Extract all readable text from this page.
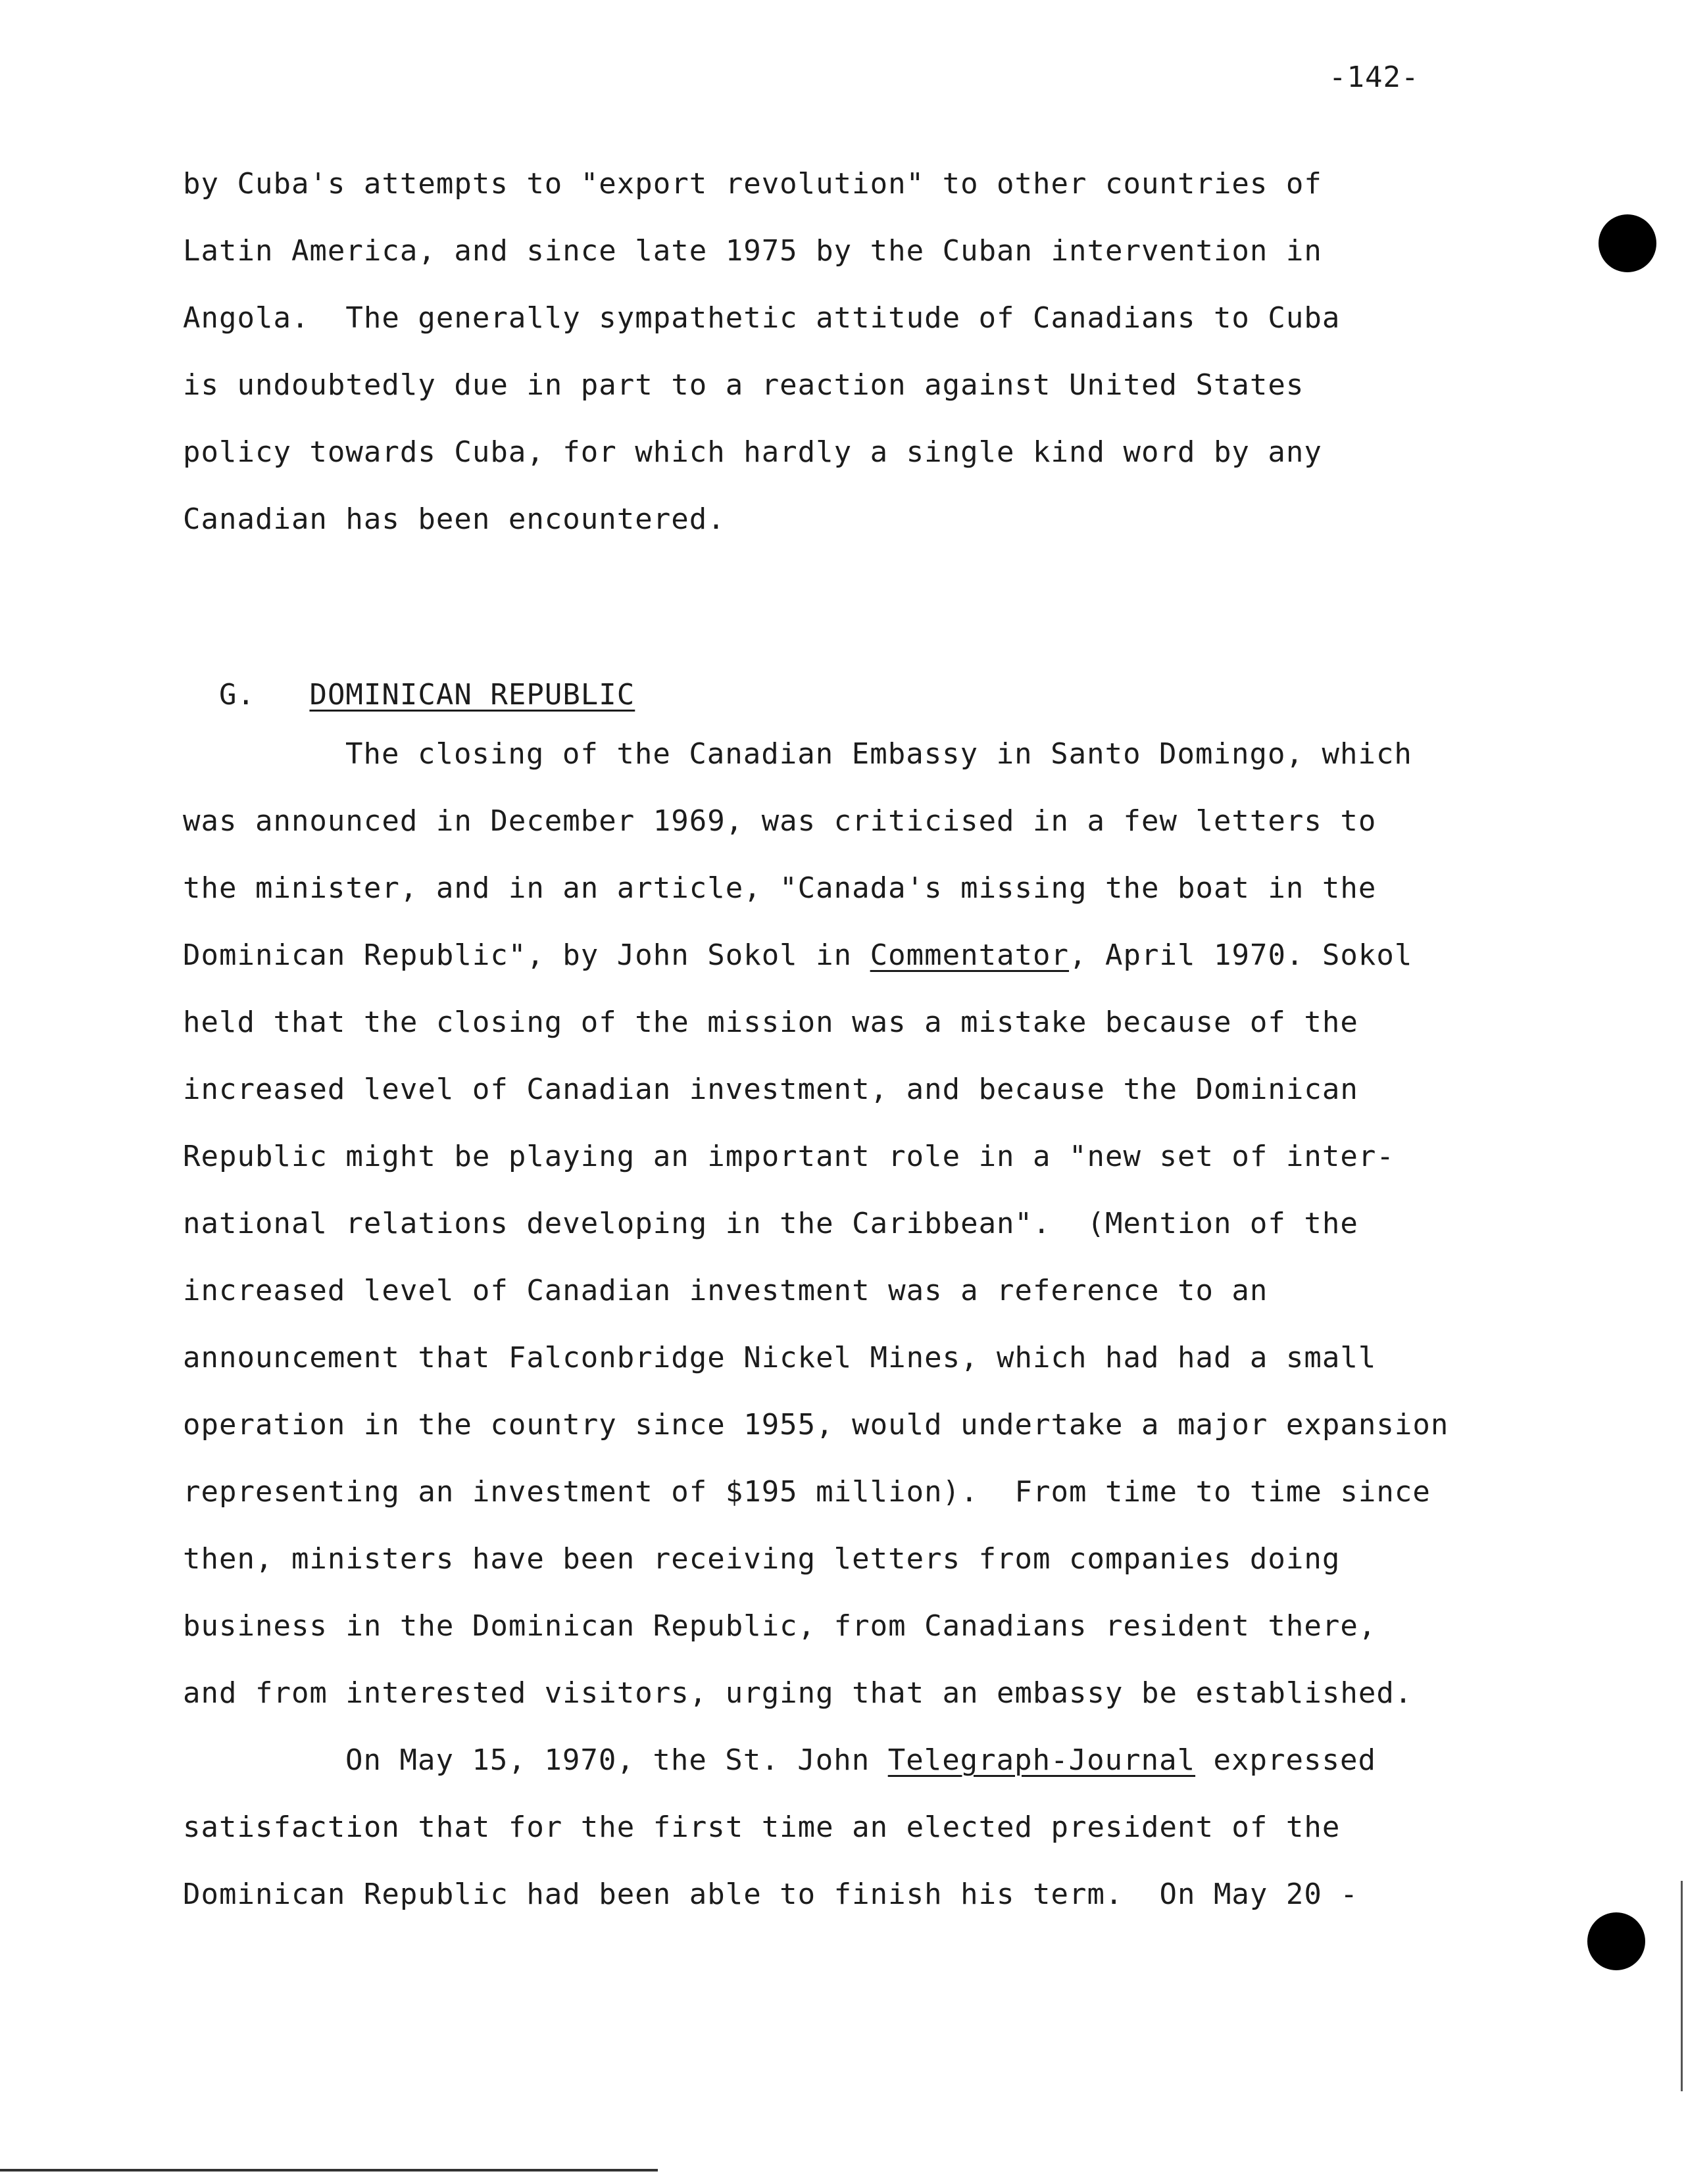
-142-
by Cuba's attempts to "export revolution" to other countries of
Latin America, and since late 1975 by the Cuban intervention in
Angola.  The generally sympathetic attitude of Canadians to Cuba
is undoubtedly due in part to a reaction against United States
policy towards Cuba, for which hardly a single kind word by any
Canadian has been encountered.

G. DOMINICAN REPUBLIC

The closing of the Canadian Embassy in Santo Domingo, which
was announced in December 1969, was criticised in a few letters to
the minister, and in an article, "Canada's missing the boat in the
Dominican Republic", by John Sokol in Commentator, April 1970. Sokol
held that the closing of the mission was a mistake because of the
increased level of Canadian investment, and because the Dominican
Republic might be playing an important role in a "new set of inter-
national relations developing in the Caribbean".  (Mention of the
increased level of Canadian investment was a reference to an
announcement that Falconbridge Nickel Mines, which had had a small
operation in the country since 1955, would undertake a major expansion
representing an investment of $195 million).  From time to time since
then, ministers have been receiving letters from companies doing
business in the Dominican Republic, from Canadians resident there,
and from interested visitors, urging that an embassy be established.
On May 15, 1970, the St. John Telegraph-Journal expressed
satisfaction that for the first time an elected president of the
Dominican Republic had been able to finish his term.  On May 20 -
